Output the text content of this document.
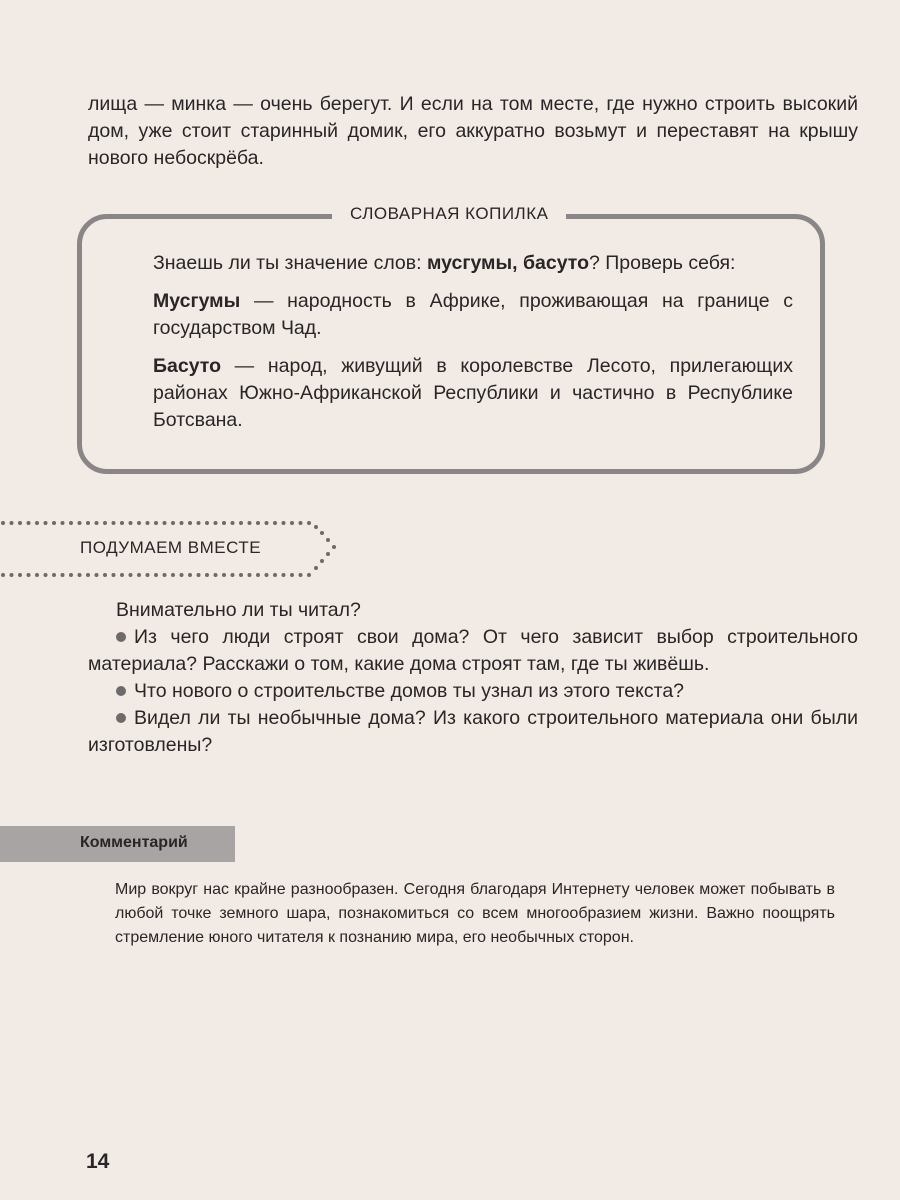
лища — минка — очень берегут. И если на том месте, где нужно строить высокий дом, уже стоит старинный домик, его аккуратно возьмут и переставят на крышу нового небоскрёба.
СЛОВАРНАЯ КОПИЛКА

Знаешь ли ты значение слов: мусгумы, басуто? Проверь себя:

Мусгумы — народность в Африке, проживающая на границе с государством Чад.

Басуто — народ, живущий в королевстве Лесото, прилегающих районах Южно-Африканской Республики и частично в Республике Ботсвана.

ПОДУМАЕМ ВМЕСТЕ

Внимательно ли ты читал?

Из чего люди строят свои дома? От чего зависит выбор строительного материала? Расскажи о том, какие дома строят там, где ты живёшь.

Что нового о строительстве домов ты узнал из этого текста?

Видел ли ты необычные дома? Из какого строительного материала они были изготовлены?

Комментарий

Мир вокруг нас крайне разнообразен. Сегодня благодаря Интернету человек может побывать в любой точке земного шара, познакомиться со всем многообразием жизни. Важно поощрять стремление юного читателя к познанию мира, его необычных сторон.

14
